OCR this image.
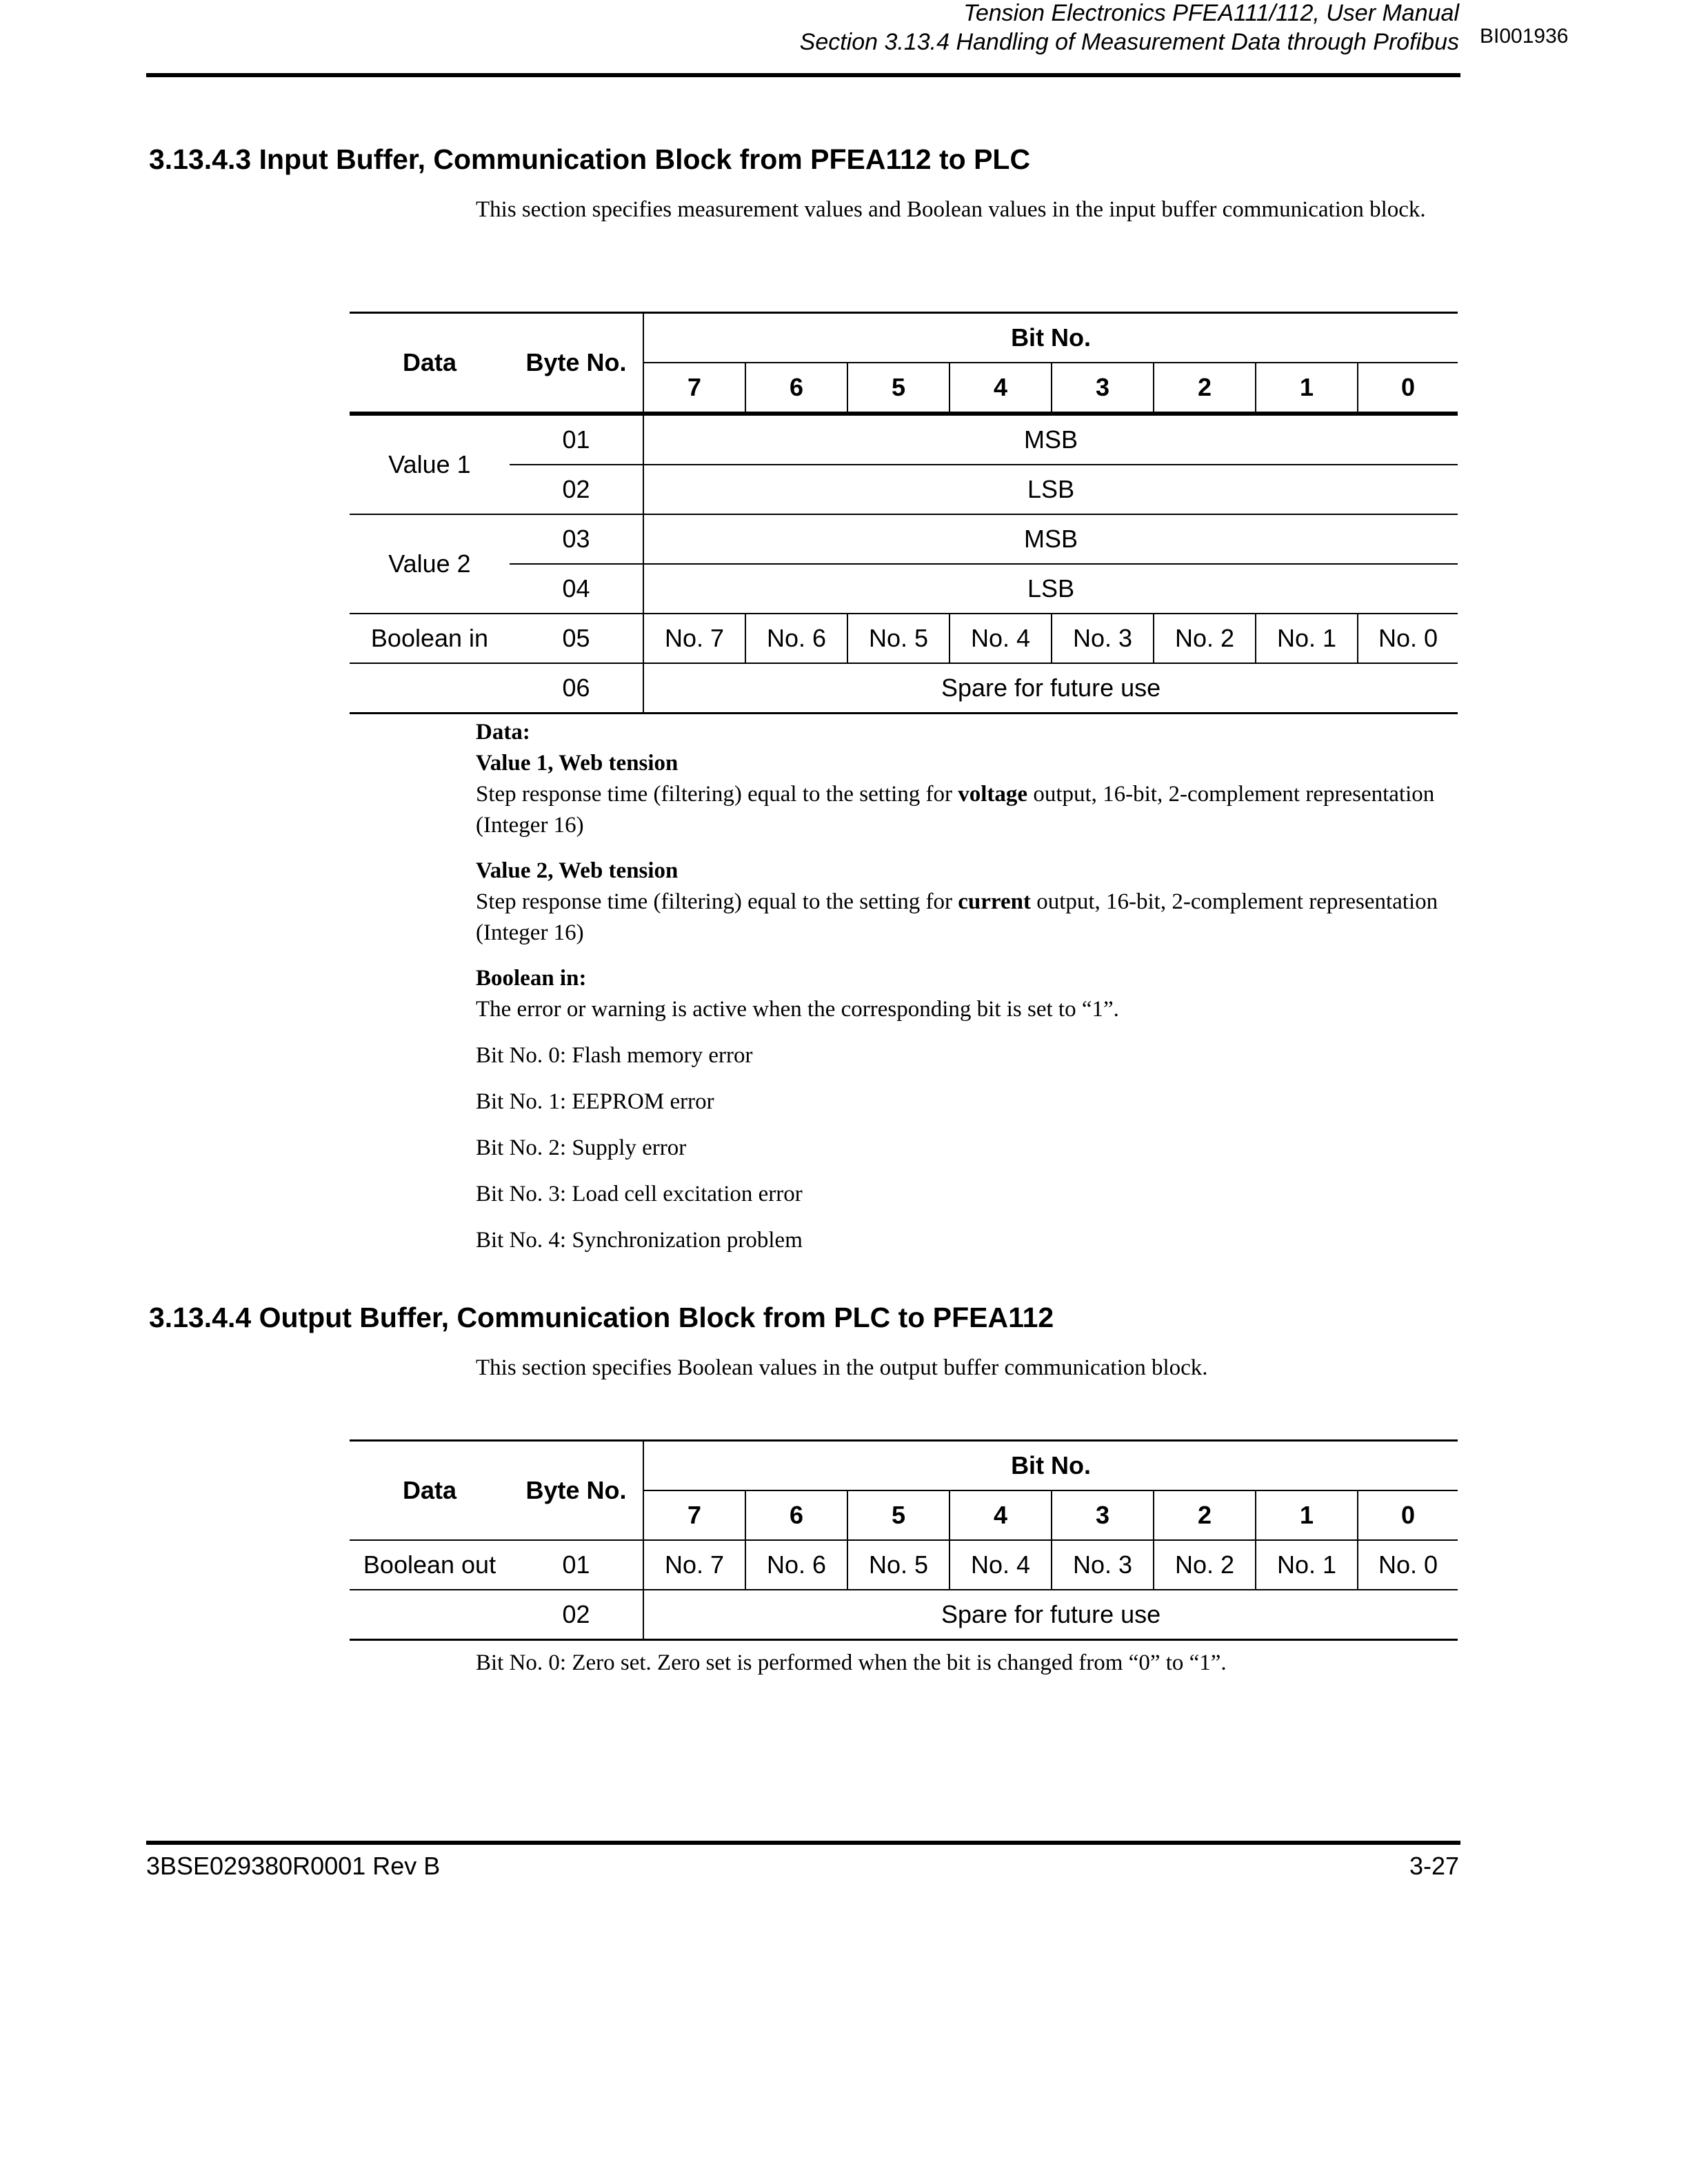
Tension Electronics PFEA111/112, User Manual
Section 3.13.4 Handling of Measurement Data through Profibus BI001936
3.13.4.3 Input Buffer, Communication Block from PFEA112 to PLC
This section specifies measurement values and Boolean values in the input buffer communication block.
Data	Byte No.	Bit No.							
		7	6	5	4	3	2	1	0
Value 1	01	MSB							
	02	LSB							
Value 2	03	MSB							
	04	LSB							
Boolean in	05	No. 7	No. 6	No. 5	No. 4	No. 3	No. 2	No. 1	No. 0
	06	Spare for future use							

Data:

Value 1, Web tension

Step response time (filtering) equal to the setting for voltage output, 16-bit, 2-complement representation (Integer 16)

Value 2, Web tension

Step response time (filtering) equal to the setting for current output, 16-bit, 2-complement representation (Integer 16)

Boolean in:

The error or warning is active when the corresponding bit is set to “1”.

Bit No. 0: Flash memory error

Bit No. 1: EEPROM error

Bit No. 2: Supply error

Bit No. 3: Load cell excitation error

Bit No. 4: Synchronization problem

3.13.4.4 Output Buffer, Communication Block from PLC to PFEA112
This section specifies Boolean values in the output buffer communication block.
Data	Byte No.	Bit No.							
		7	6	5	4	3	2	1	0
Boolean out	01	No. 7	No. 6	No. 5	No. 4	No. 3	No. 2	No. 1	No. 0
	02	Spare for future use							
Bit No. 0: Zero set. Zero set is performed when the bit is changed from “0” to “1”.
3BSE029380R0001 Rev B	3-27
